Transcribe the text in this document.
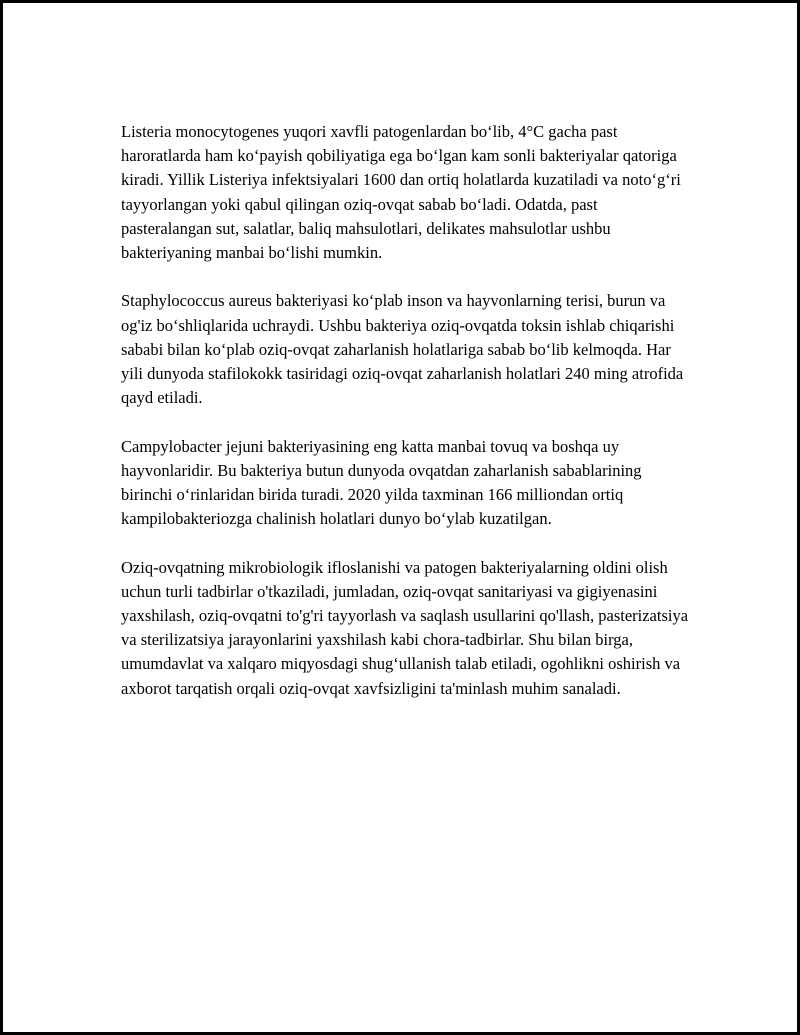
Listeria monocytogenes yuqori xavfli patogenlardan bo‘lib, 4°C gacha past haroratlarda ham ko‘payish qobiliyatiga ega bo‘lgan kam sonli bakteriyalar qatoriga kiradi. Yillik Listeriya infektsiyalari 1600 dan ortiq holatlarda kuzatiladi va noto‘g‘ri tayyorlangan yoki qabul qilingan oziq-ovqat sabab bo‘ladi. Odatda, past pasteralangan sut, salatlar, baliq mahsulotlari, delikates mahsulotlar ushbu bakteriyaning manbai bo‘lishi mumkin.

Staphylococcus aureus bakteriyasi ko‘plab inson va hayvonlarning terisi, burun va og'iz bo‘shliqlarida uchraydi. Ushbu bakteriya oziq-ovqatda toksin ishlab chiqarishi sababi bilan ko‘plab oziq-ovqat zaharlanish holatlariga sabab bo‘lib kelmoqda. Har yili dunyoda stafilokokk tasiridagi oziq-ovqat zaharlanish holatlari 240 ming atrofida qayd etiladi.

Campylobacter jejuni bakteriyasining eng katta manbai tovuq va boshqa uy hayvonlaridir. Bu bakteriya butun dunyoda ovqatdan zaharlanish sabablarining birinchi o‘rinlaridan birida turadi. 2020 yilda taxminan 166 milliondan ortiq kampilobakteriozga chalinish holatlari dunyo bo‘ylab kuzatilgan.

Oziq-ovqatning mikrobiologik ifloslanishi va patogen bakteriyalarning oldini olish uchun turli tadbirlar o'tkaziladi, jumladan, oziq-ovqat sanitariyasi va gigiyenasini yaxshilash, oziq-ovqatni to'g'ri tayyorlash va saqlash usullarini qo'llash, pasterizatsiya va sterilizatsiya jarayonlarini yaxshilash kabi chora-tadbirlar. Shu bilan birga, umumdavlat va xalqaro miqyosdagi shug‘ullanish talab etiladi, ogohlikni oshirish va axborot tarqatish orqali oziq-ovqat xavfsizligini ta'minlash muhim sanaladi.
